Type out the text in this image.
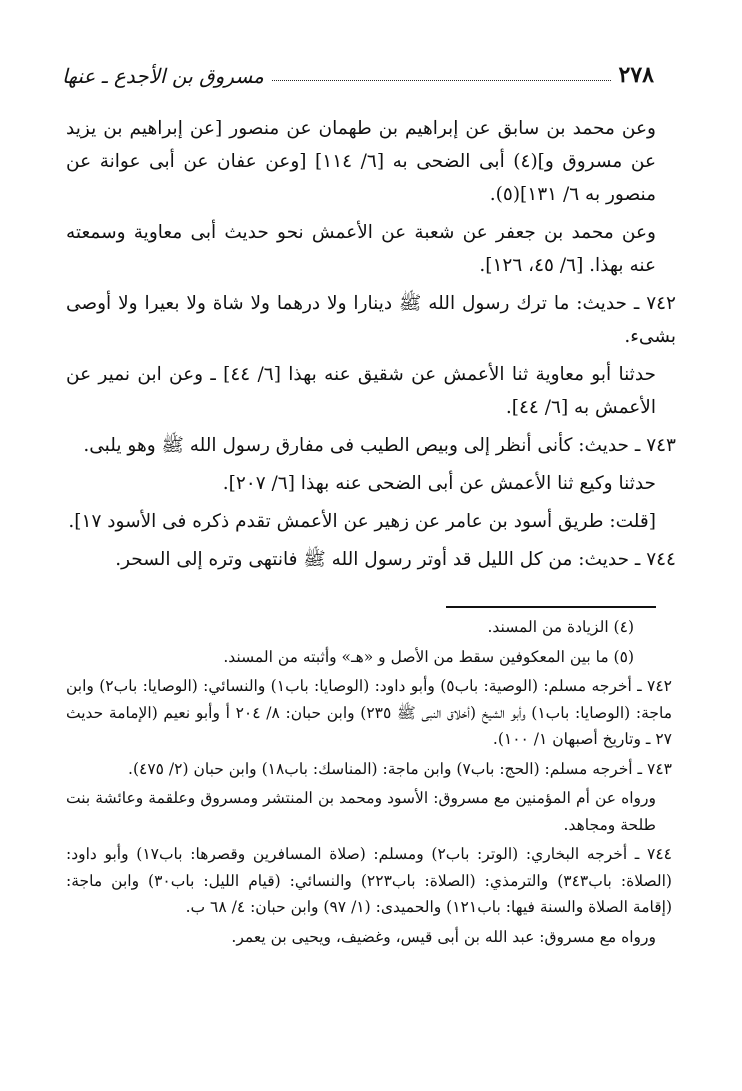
٢٧٨
مسروق بن الأجدع ـ عنها

وعن محمد بن سابق عن إبراهيم بن طهمان عن منصور [عن إبراهيم بن يزيد عن مسروق و](٤) أبى الضحى به [٦/ ١١٤] [وعن عفان عن أبى عوانة عن منصور به ٦/ ١٣١](٥).

وعن محمد بن جعفر عن شعبة عن الأعمش نحو حديث أبى معاوية وسمعته عنه بهذا. [٦/ ٤٥، ١٢٦].

٧٤٢ ـ حديث: ما ترك رسول الله ﷺ دينارا ولا درهما ولا شاة ولا بعيرا ولا أوصى بشىء.

حدثنا أبو معاوية ثنا الأعمش عن شقيق عنه بهذا [٦/ ٤٤] ـ وعن ابن نمير عن الأعمش به [٦/ ٤٤].

٧٤٣ ـ حديث: كأنى أنظر إلى وبيص الطيب فى مفارق رسول الله ﷺ وهو يلبى.

حدثنا وكيع ثنا الأعمش عن أبى الضحى عنه بهذا [٦/ ٢٠٧].

[قلت: طريق أسود بن عامر عن زهير عن الأعمش تقدم ذكره فى الأسود ١٧].

٧٤٤ ـ حديث: من كل الليل قد أوتر رسول الله ﷺ فانتهى وتره إلى السحر.

(٤) الزيادة من المسند.

(٥) ما بين المعكوفين سقط من الأصل و «هـ» وأثبته من المسند.

٧٤٢ ـ أخرجه مسلم: (الوصية: باب٥) وأبو داود: (الوصايا: باب١) والنسائي: (الوصايا: باب٢) وابن ماجة: (الوصايا: باب١) وأبو الشيخ (أخلاق النبى ﷺ ٢٣٥) وابن حبان: ٨/ ٢٠٤ أ وأبو نعيم (الإمامة حديث ٢٧ ـ وتاريخ أصبهان ١/ ١٠٠).

٧٤٣ ـ أخرجه مسلم: (الحج: باب٧) وابن ماجة: (المناسك: باب١٨) وابن حبان (٢/ ٤٧٥).

ورواه عن أم المؤمنين مع مسروق: الأسود ومحمد بن المنتشر ومسروق وعلقمة وعائشة بنت طلحة ومجاهد.

٧٤٤ ـ أخرجه البخاري: (الوتر: باب٢) ومسلم: (صلاة المسافرين وقصرها: باب١٧) وأبو داود: (الصلاة: باب٣٤٣) والترمذي: (الصلاة: باب٢٢٣) والنسائي: (قيام الليل: باب٣٠) وابن ماجة: (إقامة الصلاة والسنة فيها: باب١٢١) والحميدى: (١/ ٩٧) وابن حبان: ٤/ ٦٨ ب.

ورواه مع مسروق: عبد الله بن أبى قيس، وغضيف، ويحيى بن يعمر.
